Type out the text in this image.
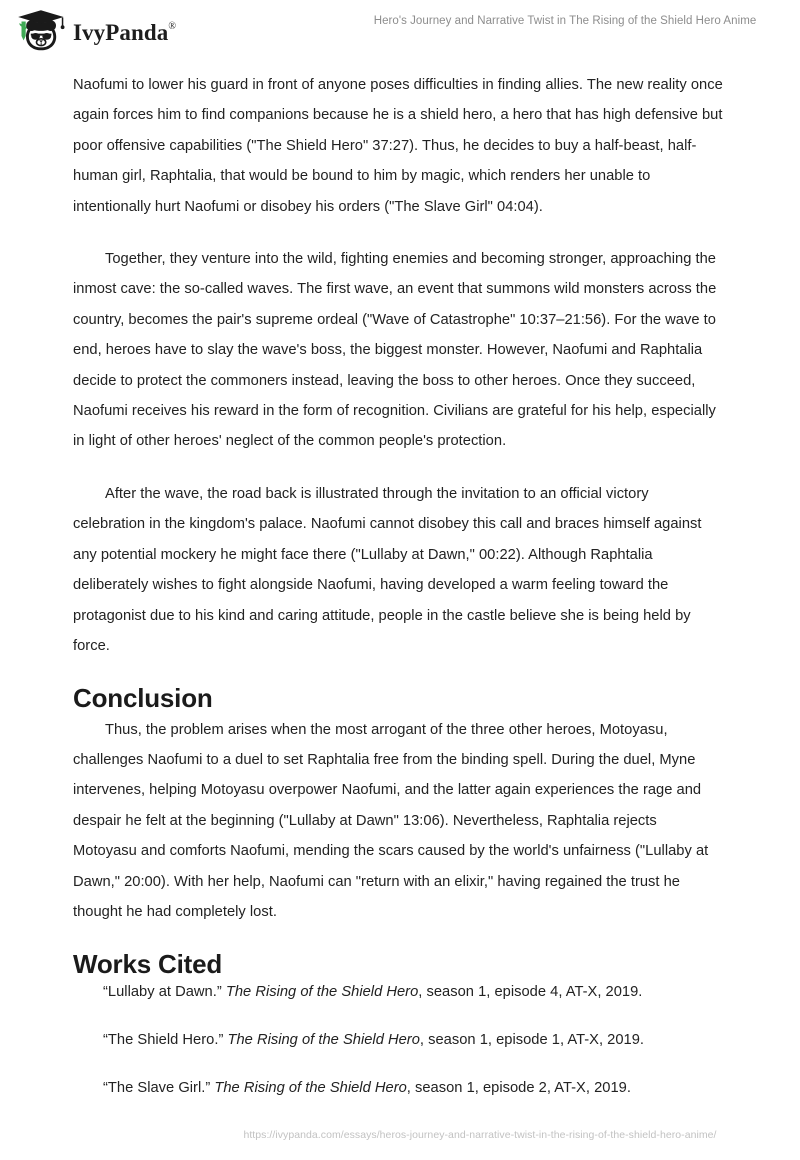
IvyPanda®	Hero's Journey and Narrative Twist in The Rising of the Shield Hero Anime

Naofumi to lower his guard in front of anyone poses difficulties in finding allies. The new reality once again forces him to find companions because he is a shield hero, a hero that has high defensive but poor offensive capabilities ("The Shield Hero" 37:27). Thus, he decides to buy a half-beast, half-human girl, Raphtalia, that would be bound to him by magic, which renders her unable to intentionally hurt Naofumi or disobey his orders ("The Slave Girl" 04:04).

Together, they venture into the wild, fighting enemies and becoming stronger, approaching the inmost cave: the so-called waves. The first wave, an event that summons wild monsters across the country, becomes the pair's supreme ordeal ("Wave of Catastrophe" 10:37–21:56). For the wave to end, heroes have to slay the wave's boss, the biggest monster. However, Naofumi and Raphtalia decide to protect the commoners instead, leaving the boss to other heroes. Once they succeed, Naofumi receives his reward in the form of recognition. Civilians are grateful for his help, especially in light of other heroes' neglect of the common people's protection.

After the wave, the road back is illustrated through the invitation to an official victory celebration in the kingdom's palace. Naofumi cannot disobey this call and braces himself against any potential mockery he might face there ("Lullaby at Dawn," 00:22). Although Raphtalia deliberately wishes to fight alongside Naofumi, having developed a warm feeling toward the protagonist due to his kind and caring attitude, people in the castle believe she is being held by force.

Conclusion

Thus, the problem arises when the most arrogant of the three other heroes, Motoyasu, challenges Naofumi to a duel to set Raphtalia free from the binding spell. During the duel, Myne intervenes, helping Motoyasu overpower Naofumi, and the latter again experiences the rage and despair he felt at the beginning ("Lullaby at Dawn" 13:06). Nevertheless, Raphtalia rejects Motoyasu and comforts Naofumi, mending the scars caused by the world's unfairness ("Lullaby at Dawn," 20:00). With her help, Naofumi can "return with an elixir," having regained the trust he thought he had completely lost.

Works Cited

“Lullaby at Dawn.” The Rising of the Shield Hero, season 1, episode 4, AT-X, 2019.

“The Shield Hero.” The Rising of the Shield Hero, season 1, episode 1, AT-X, 2019.

“The Slave Girl.” The Rising of the Shield Hero, season 1, episode 2, AT-X, 2019.

https://ivypanda.com/essays/heros-journey-and-narrative-twist-in-the-rising-of-the-shield-hero-anime/
